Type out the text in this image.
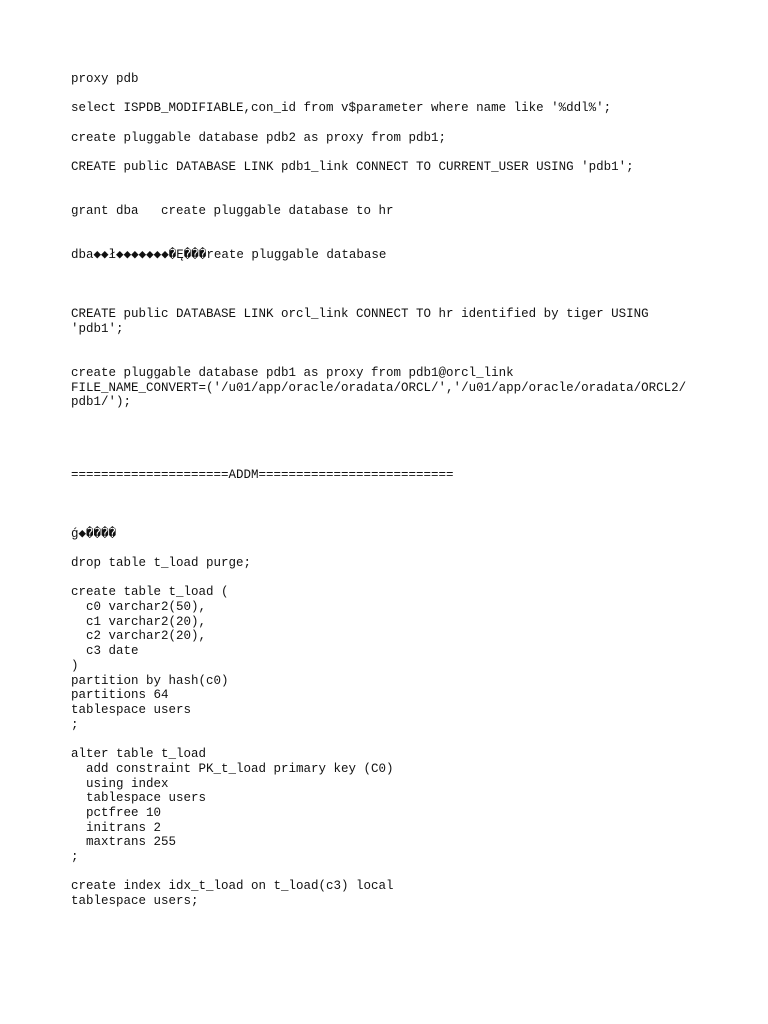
proxy pdb
select ISPDB_MODIFIABLE,con_id from v$parameter where name like '%ddl%';
create pluggable database pdb2 as proxy from pdb1;
CREATE public DATABASE LINK pdb1_link CONNECT TO CURRENT_USER USING 'pdb1';
grant dba   create pluggable database to hr
dba◆◆ł◆◆◆◆◆◆◆�Ę���reate pluggable database
CREATE public DATABASE LINK orcl_link CONNECT TO hr identified by tiger USING
'pdb1';
create pluggable database pdb1 as proxy from pdb1@orcl_link
FILE_NAME_CONVERT=('/u01/app/oracle/oradata/ORCL/','/u01/app/oracle/oradata/ORCL2/
pdb1/');
=====================ADDM==========================
ǵ◆����
drop table t_load purge;
create table t_load (
c0 varchar2(50),
c1 varchar2(20),
c2 varchar2(20),
c3 date
)
partition by hash(c0)
partitions 64
tablespace users
;
alter table t_load
add constraint PK_t_load primary key (C0)
using index
tablespace users
pctfree 10
initrans 2
maxtrans 255
;
create index idx_t_load on t_load(c3) local
tablespace users;
